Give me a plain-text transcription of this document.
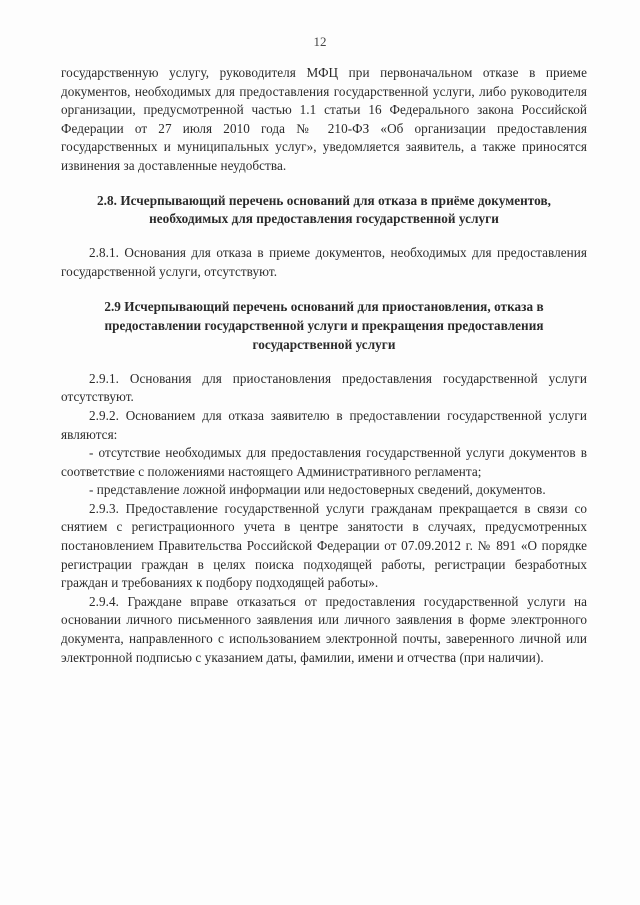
12

государственную услугу, руководителя МФЦ при первоначальном отказе в приеме документов, необходимых для предоставления государственной услуги, либо руководителя организации, предусмотренной частью 1.1 статьи 16 Федерального закона Российской Федерации от 27 июля 2010 года № 210-ФЗ «Об организации предоставления государственных и муниципальных услуг», уведомляется заявитель, а также приносятся извинения за доставленные неудобства.

2.8. Исчерпывающий перечень оснований для отказа в приёме документов, необходимых для предоставления государственной услуги

2.8.1. Основания для отказа в приеме документов, необходимых для предоставления государственной услуги, отсутствуют.

2.9 Исчерпывающий перечень оснований для приостановления, отказа в предоставлении государственной услуги и прекращения предоставления государственной услуги

2.9.1. Основания для приостановления предоставления государственной услуги отсутствуют.

2.9.2. Основанием для отказа заявителю в предоставлении государственной услуги являются:

- отсутствие необходимых для предоставления государственной услуги документов в соответствие с положениями настоящего Административного регламента;

- представление ложной информации или недостоверных сведений, документов.

2.9.3. Предоставление государственной услуги гражданам прекращается в связи со снятием с регистрационного учета в центре занятости в случаях, предусмотренных постановлением Правительства Российской Федерации от 07.09.2012 г. № 891 «О порядке регистрации граждан в целях поиска подходящей работы, регистрации безработных граждан и требованиях к подбору подходящей работы».

2.9.4. Граждане вправе отказаться от предоставления государственной услуги на основании личного письменного заявления или личного заявления в форме электронного документа, направленного с использованием электронной почты, заверенного личной или электронной подписью с указанием даты, фамилии, имени и отчества (при наличии).
